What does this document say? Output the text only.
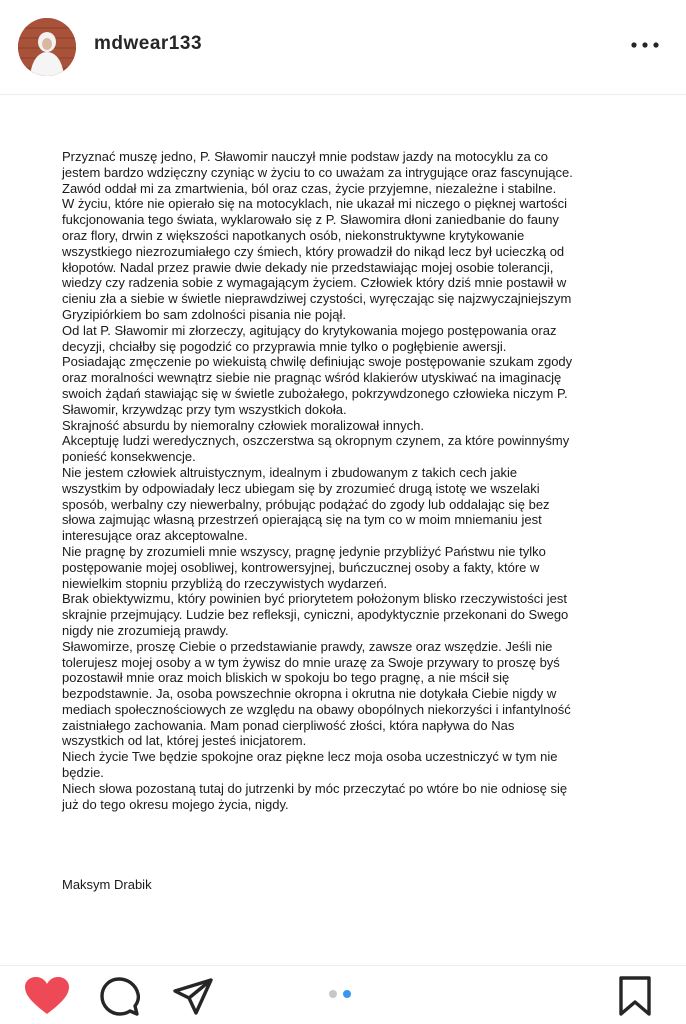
mdwear133

Przyznać muszę jedno, P. Sławomir nauczył mnie podstaw jazdy na motocyklu za co

jestem bardzo wdzięczny czyniąc w życiu to co uważam za intrygujące oraz fascynujące.

Zawód oddał mi za zmartwienia, ból oraz czas, życie przyjemne, niezależne i stabilne.

W życiu, które nie opierało się na motocyklach, nie ukazał mi niczego o pięknej wartości

fukcjonowania tego świata, wyklarowało się z P. Sławomira dłoni zaniedbanie do fauny

oraz flory, drwin z większości napotkanych osób, niekonstruktywne krytykowanie

wszystkiego niezrozumiałego czy śmiech, który prowadził do nikąd lecz był ucieczką od

kłopotów. Nadal przez prawie dwie dekady nie przedstawiając mojej osobie tolerancji,

wiedzy czy radzenia sobie z wymagającym życiem. Człowiek który dziś mnie postawił w

cieniu zła a siebie w świetle nieprawdziwej czystości, wyręczając się najzwyczajniejszym

Gryzipiórkiem bo sam zdolności pisania nie pojął.

Od lat P. Sławomir mi złorzeczy, agitujący do krytykowania mojego postępowania oraz

decyzji, chciałby się pogodzić co przyprawia mnie tylko o pogłębienie awersji.

Posiadając zmęczenie po wiekuistą chwilę definiując swoje postępowanie szukam zgody

oraz moralności wewnątrz siebie nie pragnąc wśród klakierów utyskiwać na imaginację

swoich żądań stawiając się w świetle zubożałego, pokrzywdzonego człowieka niczym P.

Sławomir, krzywdząc przy tym wszystkich dokoła.

Skrajność absurdu by niemoralny człowiek moralizował innych.

Akceptuję ludzi weredycznych, oszczerstwa są okropnym czynem, za które powinnyśmy

ponieść konsekwencje.

Nie jestem człowiek altruistycznym, idealnym i zbudowanym z takich cech jakie

wszystkim by odpowiadały lecz ubiegam się by zrozumieć drugą istotę we wszelaki

sposób, werbalny czy niewerbalny, próbując podążać do zgody lub oddalając się bez

słowa zajmując własną przestrzeń opierającą się na tym co w moim mniemaniu jest

interesujące oraz akceptowalne.

Nie pragnę by zrozumieli mnie wszyscy, pragnę jedynie przybliżyć Państwu nie tylko

postępowanie mojej osobliwej, kontrowersyjnej, buńczucznej osoby a fakty, które w

niewielkim stopniu przybliżą do rzeczywistych wydarzeń.

Brak obiektywizmu, który powinien być priorytetem położonym blisko rzeczywistości jest

skrajnie przejmujący. Ludzie bez refleksji, cyniczni, apodyktycznie przekonani do Swego

nigdy nie zrozumieją prawdy.

Sławomirze, proszę Ciebie o przedstawianie prawdy, zawsze oraz wszędzie. Jeśli nie

tolerujesz mojej osoby a w tym żywisz do mnie urazę za Swoje przywary to proszę byś

pozostawił mnie oraz moich bliskich w spokoju bo tego pragnę, a nie mścił się

bezpodstawnie. Ja, osoba powszechnie okropna i okrutna nie dotykała Ciebie nigdy w

mediach społecznościowych ze względu na obawy obopólnych niekorzyści i infantylność

zaistniałego zachowania. Mam ponad cierpliwość złości, która napływa do Nas

wszystkich od lat, której jesteś inicjatorem.

Niech życie Twe będzie spokojne oraz piękne lecz moja osoba uczestniczyć w tym nie

będzie.

Niech słowa pozostaną tutaj do jutrzenki by móc przeczytać po wtóre bo nie odniosę się

już do tego okresu mojego życia, nigdy.

Maksym Drabik
